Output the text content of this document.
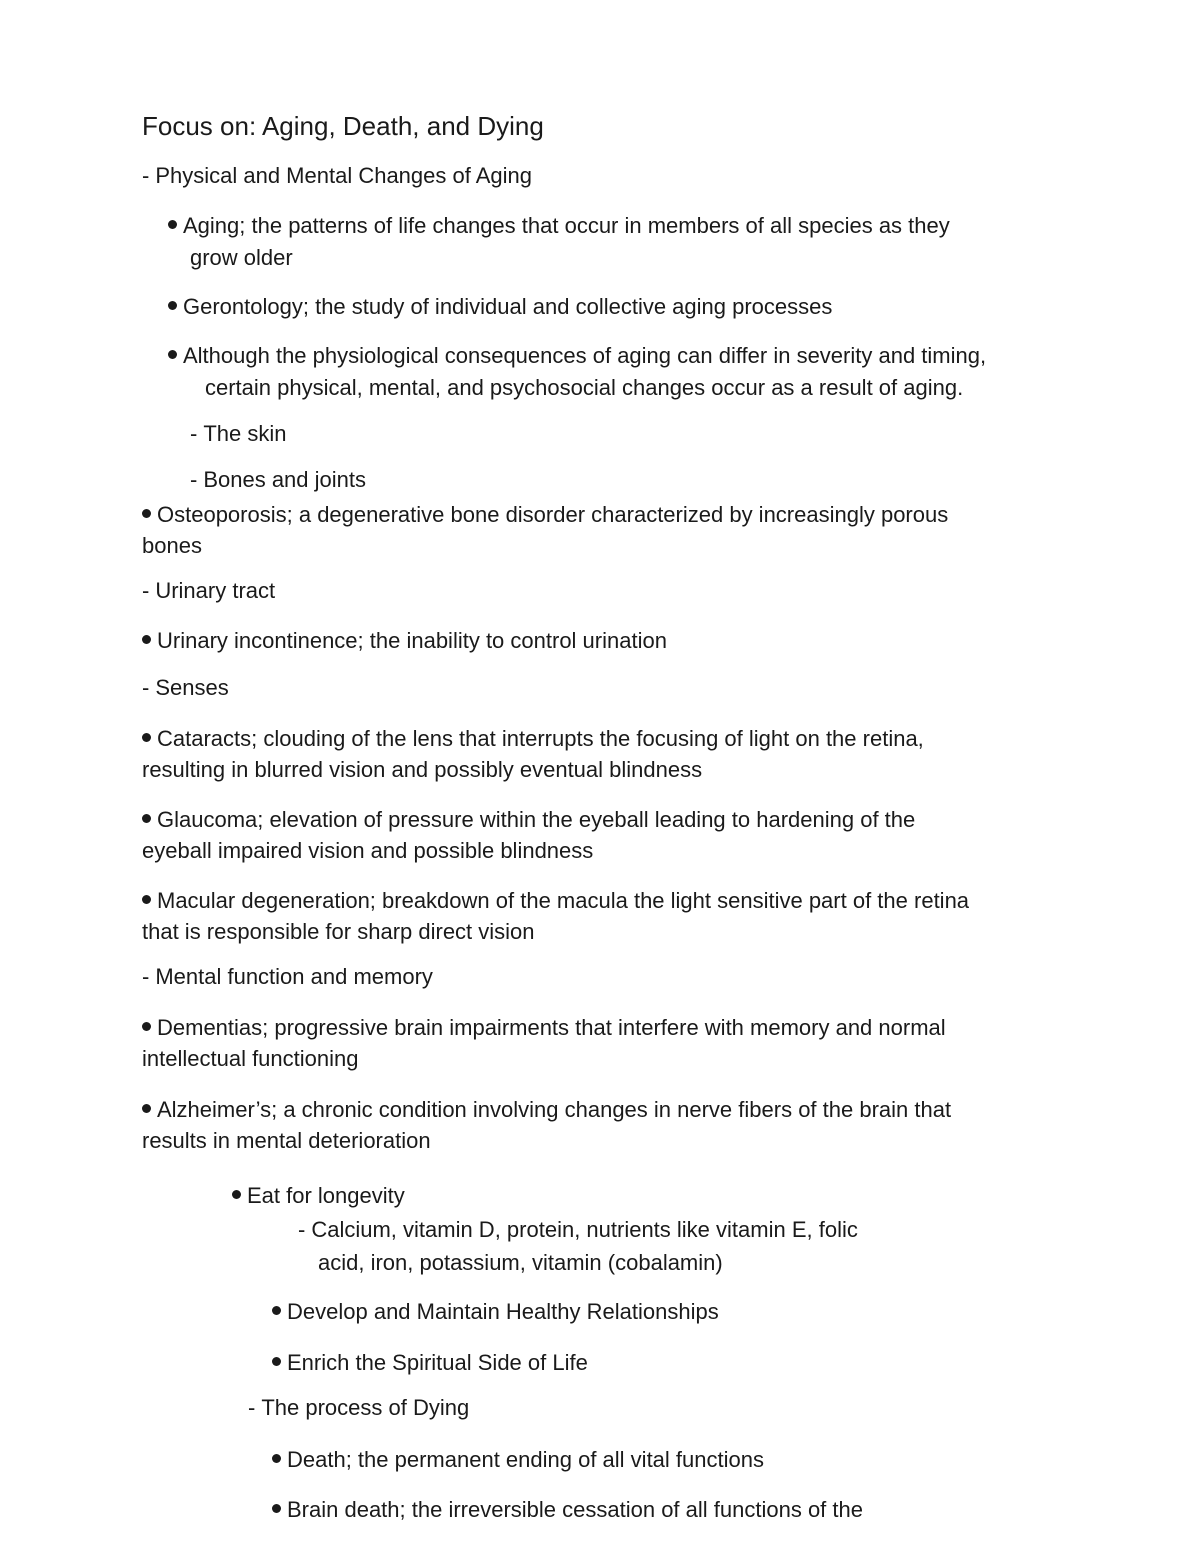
Focus on: Aging, Death, and Dying

- Physical and Mental Changes of Aging

Aging; the patterns of life changes that occur in members of all species as they

grow older

Gerontology; the study of individual and collective aging processes

Although the physiological consequences of aging can differ in severity and timing,

certain physical, mental, and psychosocial changes occur as a result of aging.

- The skin

- Bones and joints

Osteoporosis; a degenerative bone disorder characterized by increasingly porous

bones

- Urinary tract

Urinary incontinence; the inability to control urination

- Senses

Cataracts; clouding of the lens that interrupts the focusing of light on the retina,

resulting in blurred vision and possibly eventual blindness

Glaucoma; elevation of pressure within the eyeball leading to hardening of the

eyeball impaired vision and possible blindness

Macular degeneration; breakdown of the macula the light sensitive part of the retina

that is responsible for sharp direct vision

- Mental function and memory

Dementias; progressive brain impairments that interfere with memory and normal

intellectual functioning

Alzheimer’s; a chronic condition involving changes in nerve fibers of the brain that

results in mental deterioration

Eat for longevity

- Calcium, vitamin D, protein, nutrients like vitamin E, folic

acid, iron, potassium, vitamin (cobalamin)

Develop and Maintain Healthy Relationships

Enrich the Spiritual Side of Life

- The process of Dying

Death; the permanent ending of all vital functions

Brain death; the irreversible cessation of all functions of the
